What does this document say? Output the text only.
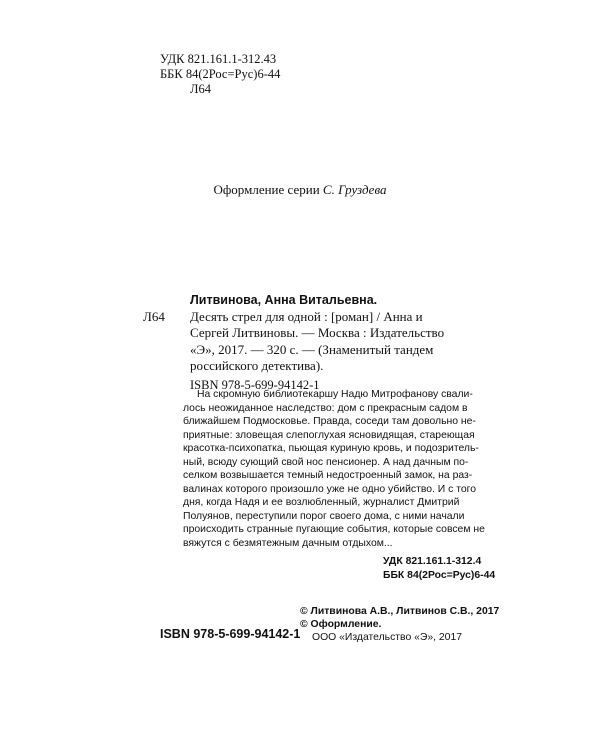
УДК 821.161.1-312.43
ББК 84(2Рос=Рус)6-44
Л64
Оформление серии С. Груздева
Литвинова, Анна Витальевна.
Л64 Десять стрел для одной : [роман] / Анна и
Сергей Литвиновы. — Москва : Издательство
«Э», 2017. — 320 с. — (Знаменитый тандем
российского детектива).
ISBN 978-5-699-94142-1
На скромную библиотекаршу Надю Митрофанову свали-
лось неожиданное наследство: дом с прекрасным садом в
ближайшем Подмосковье. Правда, соседи там довольно не-
приятные: зловещая слепоглухая ясновидящая, стареющая
красотка-психопатка, пьющая куриную кровь, и подозритель-
ный, всюду сующий свой нос пенсионер. А над дачным по-
селком возвышается темный недостроенный замок, на раз-
валинах которого произошло уже не одно убийство. И с того
дня, когда Надя и ее возлюбленный, журналист Дмитрий
Полуянов, переступили порог своего дома, с ними начали
происходить странные пугающие события, которые совсем не
вяжутся с безмятежным дачным отдыхом...
УДК 821.161.1-312.4
ББК 84(2Рос=Рус)6-44
ISBN 978-5-699-94142-1
© Литвинова А.В., Литвинов С.В., 2017
© Оформление.
ООО «Издательство «Э», 2017
